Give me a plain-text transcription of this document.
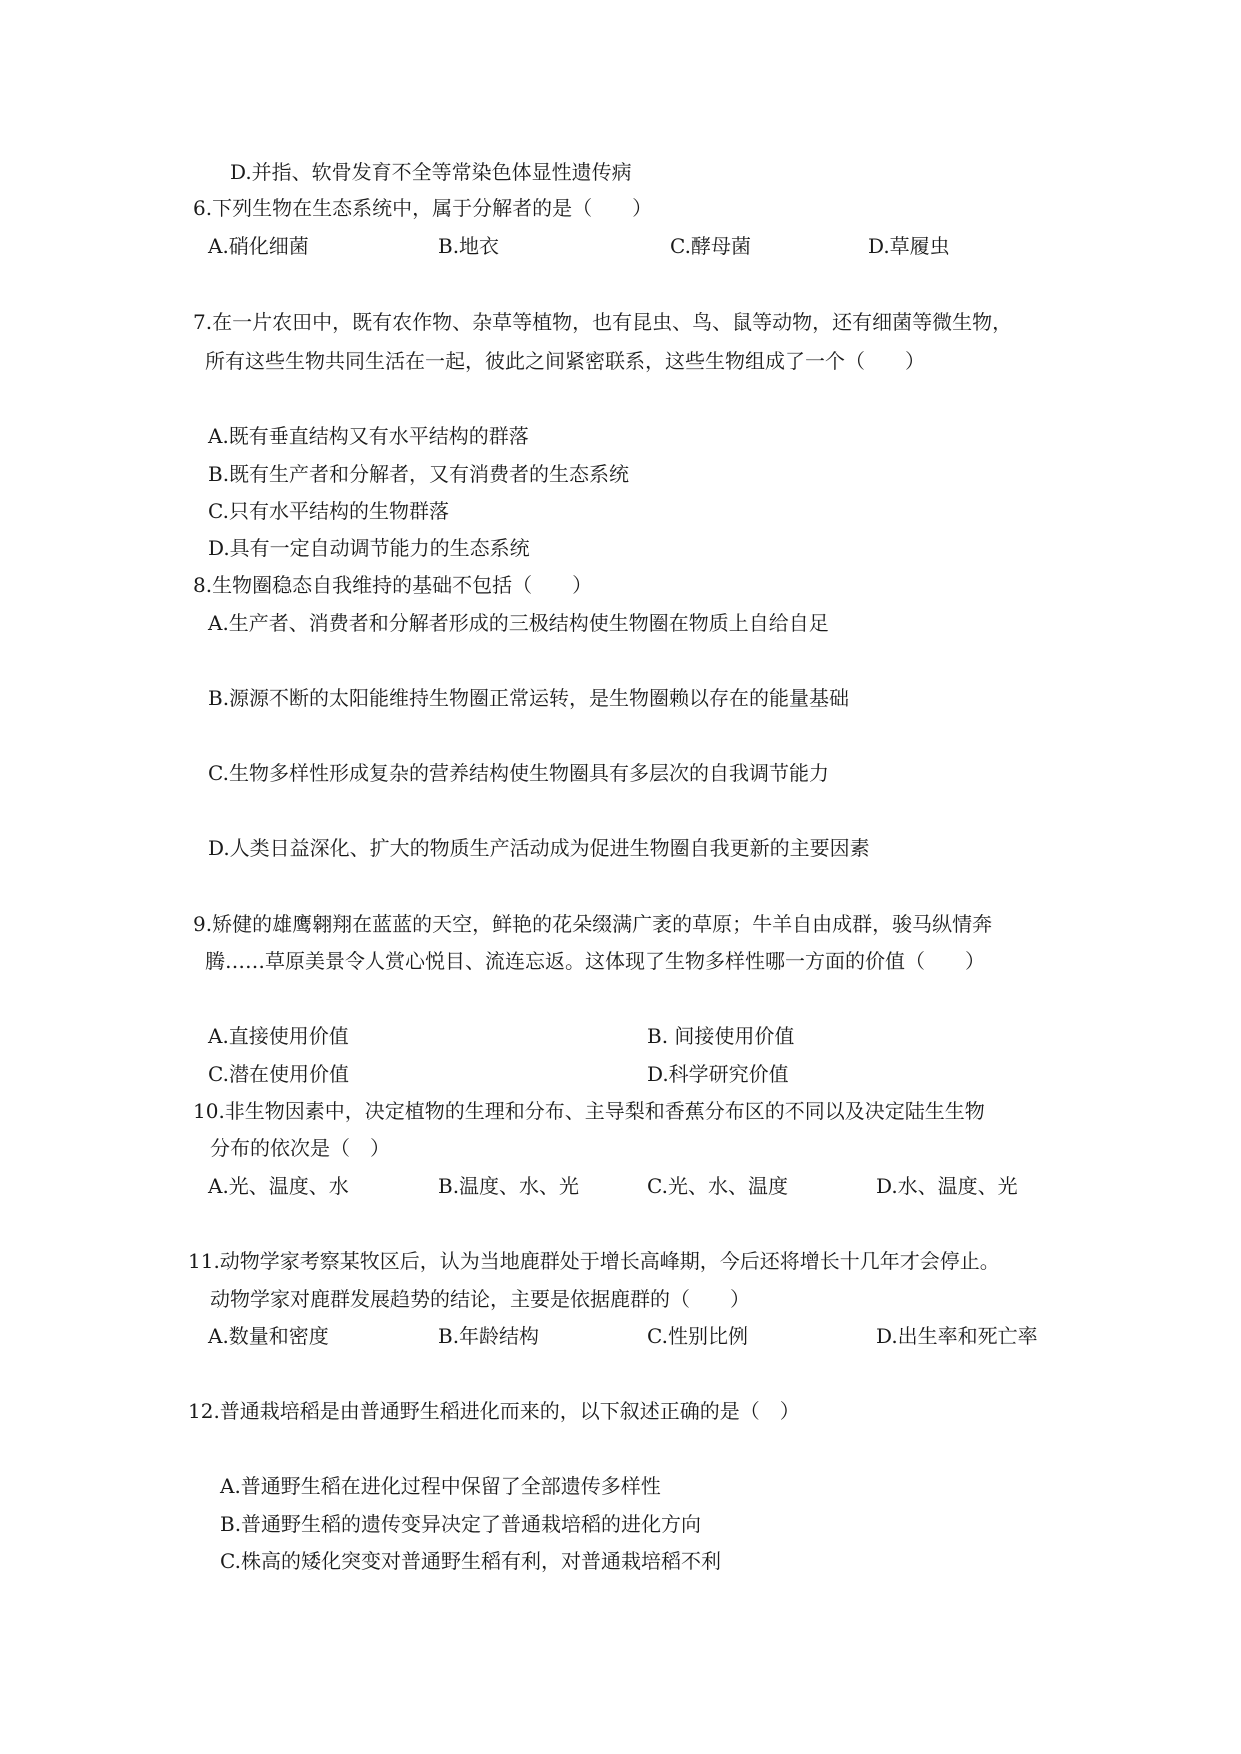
D.并指、软骨发育不全等常染色体显性遗传病
6.下列生物在生态系统中，属于分解者的是（　　）
A.硝化细菌	B.地衣	C.酵母菌	D.草履虫
7.在一片农田中，既有农作物、杂草等植物，也有昆虫、鸟、鼠等动物，还有细菌等微生物，
所有这些生物共同生活在一起，彼此之间紧密联系，这些生物组成了一个（　　）
A.既有垂直结构又有水平结构的群落
B.既有生产者和分解者，又有消费者的生态系统
C.只有水平结构的生物群落
D.具有一定自动调节能力的生态系统
8.生物圈稳态自我维持的基础不包括（　　）
A.生产者、消费者和分解者形成的三极结构使生物圈在物质上自给自足
B.源源不断的太阳能维持生物圈正常运转，是生物圈赖以存在的能量基础
C.生物多样性形成复杂的营养结构使生物圈具有多层次的自我调节能力
D.人类日益深化、扩大的物质生产活动成为促进生物圈自我更新的主要因素
9.矫健的雄鹰翱翔在蓝蓝的天空，鲜艳的花朵缀满广袤的草原；牛羊自由成群，骏马纵情奔
腾……草原美景令人赏心悦目、流连忘返。这体现了生物多样性哪一方面的价值（　　）
A.直接使用价值	B. 间接使用价值
C.潜在使用价值	D.科学研究价值
10.非生物因素中，决定植物的生理和分布、主导梨和香蕉分布区的不同以及决定陆生生物
分布的依次是（　）
A.光、温度、水	B.温度、水、光	C.光、水、温度	D.水、温度、光
11.动物学家考察某牧区后，认为当地鹿群处于增长高峰期，今后还将增长十几年才会停止。
动物学家对鹿群发展趋势的结论，主要是依据鹿群的（　　）
A.数量和密度	B.年龄结构	C.性别比例	D.出生率和死亡率
12.普通栽培稻是由普通野生稻进化而来的，以下叙述正确的是（　）
A.普通野生稻在进化过程中保留了全部遗传多样性
B.普通野生稻的遗传变异决定了普通栽培稻的进化方向
C.株高的矮化突变对普通野生稻有利，对普通栽培稻不利
